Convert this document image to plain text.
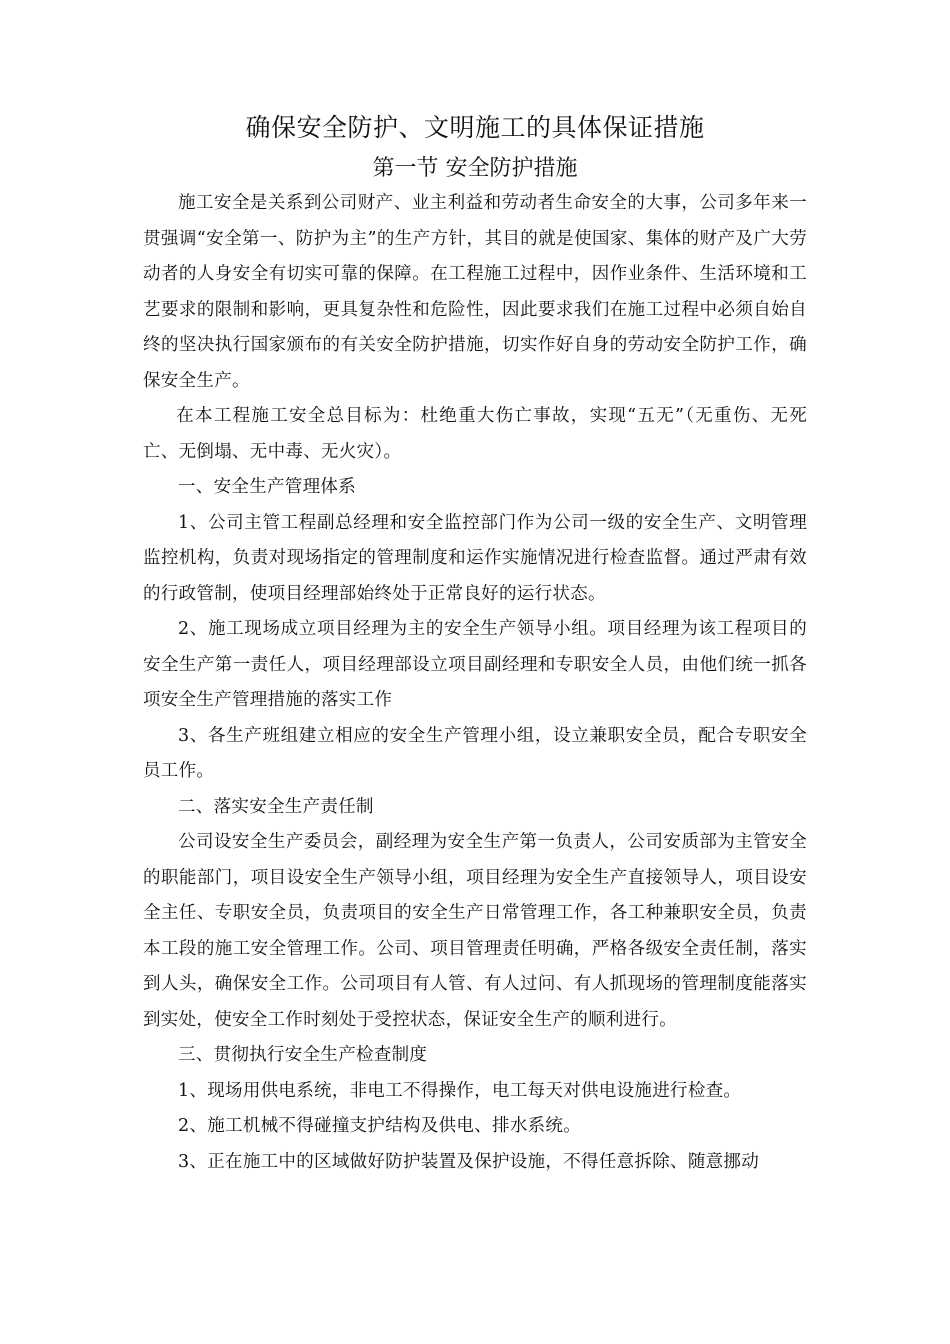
确保安全防护、文明施工的具体保证措施
第一节 安全防护措施

施工安全是关系到公司财产、业主利益和劳动者生命安全的大事，公司多年来一贯强调“安全第一、防护为主”的生产方针，其目的就是使国家、集体的财产及广大劳动者的人身安全有切实可靠的保障。在工程施工过程中，因作业条件、生活环境和工艺要求的限制和影响，更具复杂性和危险性，因此要求我们在施工过程中必须自始自终的坚决执行国家颁布的有关安全防护措施，切实作好自身的劳动安全防护工作，确保安全生产。

在本工程施工安全总目标为：杜绝重大伤亡事故，实现“五无”（无重伤、无死亡、无倒塌、无中毒、无火灾）。

一、安全生产管理体系

1、公司主管工程副总经理和安全监控部门作为公司一级的安全生产、文明管理监控机构，负责对现场指定的管理制度和运作实施情况进行检查监督。通过严肃有效的行政管制，使项目经理部始终处于正常良好的运行状态。

2、施工现场成立项目经理为主的安全生产领导小组。项目经理为该工程项目的安全生产第一责任人，项目经理部设立项目副经理和专职安全人员，由他们统一抓各项安全生产管理措施的落实工作

3、各生产班组建立相应的安全生产管理小组，设立兼职安全员，配合专职安全员工作。

二、落实安全生产责任制

公司设安全生产委员会，副经理为安全生产第一负责人，公司安质部为主管安全的职能部门，项目设安全生产领导小组，项目经理为安全生产直接领导人，项目设安全主任、专职安全员，负责项目的安全生产日常管理工作，各工种兼职安全员，负责本工段的施工安全管理工作。公司、项目管理责任明确，严格各级安全责任制，落实到人头，确保安全工作。公司项目有人管、有人过问、有人抓现场的管理制度能落实到实处，使安全工作时刻处于受控状态，保证安全生产的顺利进行。

三、贯彻执行安全生产检查制度

1、现场用供电系统，非电工不得操作，电工每天对供电设施进行检查。

2、施工机械不得碰撞支护结构及供电、排水系统。

3、正在施工中的区域做好防护装置及保护设施，不得任意拆除、随意挪动
